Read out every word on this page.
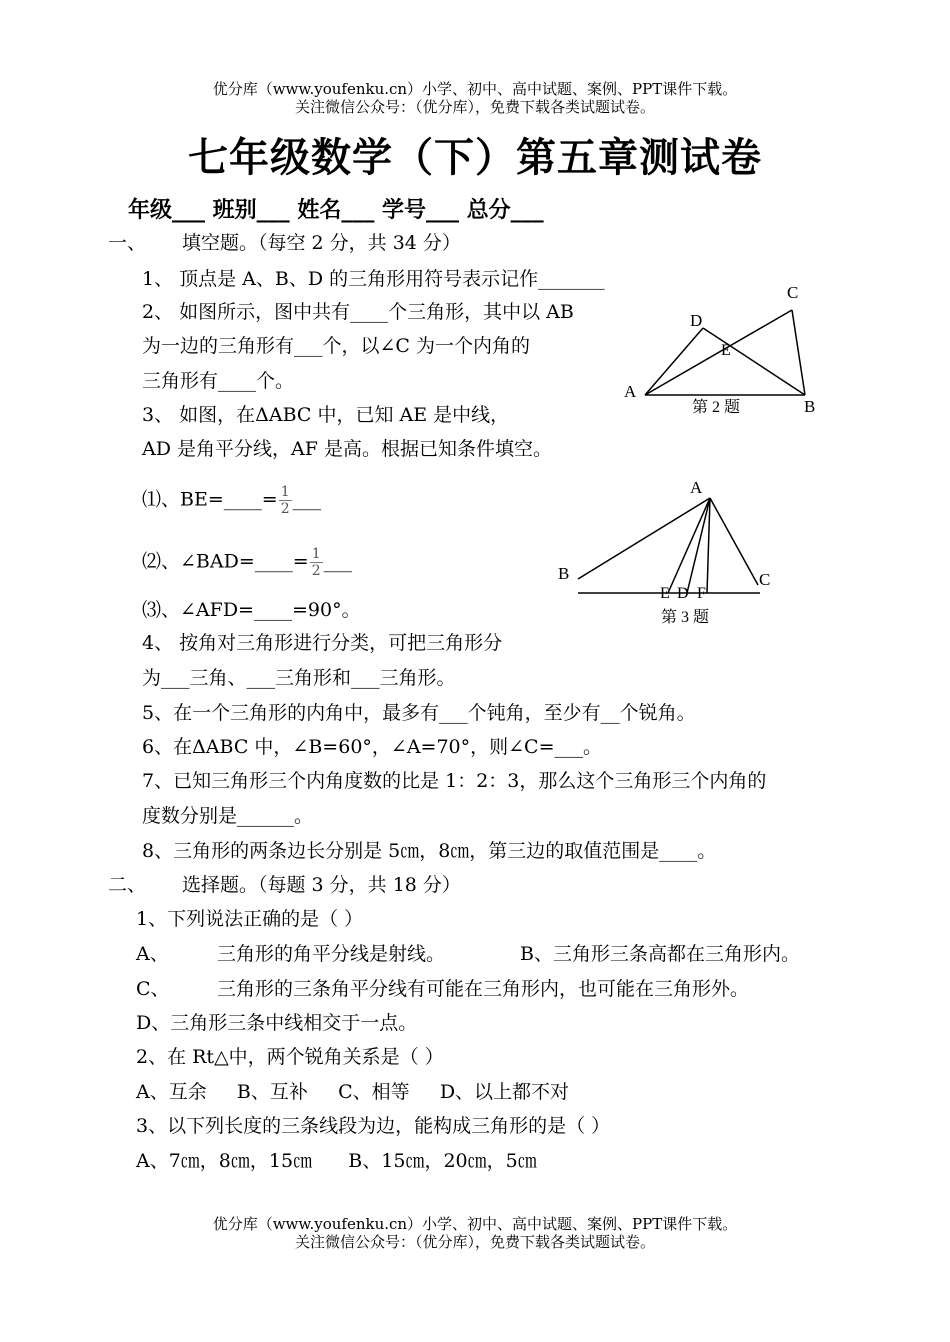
优分库（www.youfenku.cn）小学、初中、高中试题、案例、PPT课件下载。
关注微信公众号：（优分库），免费下载各类试题试卷。
七年级数学（下）第五章测试卷
年级___ 班别___ 姓名___ 学号___ 总分___
一、 填空题。（每空 2 分，共 34 分）
1、 顶点是 A、B、D 的三角形用符号表示记作_______
2、 如图所示，图中共有____个三角形，其中以 AB
为一边的三角形有___个，以∠C 为一个内角的
三角形有____个。
3、 如图，在ΔABC 中，已知 AE 是中线，
AD 是角平分线，AF 是高。根据已知条件填空。
⑴、BE=____= $\frac{1}{2}$ ___
⑵、∠BAD=____= $\frac{1}{2}$ ___
⑶、∠AFD=____=90°。
4、 按角对三角形进行分类，可把三角形分
为___三角、___三角形和___三角形。
5、在一个三角形的内角中，最多有___个钝角，至少有__个锐角。
6、在ΔABC 中，∠B=60°，∠A=70°，则∠C=___。
7、已知三角形三个内角度数的比是 1：2：3，那么这个三角形三个内角的
度数分别是______。
8、三角形的两条边长分别是 5㎝，8㎝，第三边的取值范围是____。
二、 选择题。（每题 3 分，共 18 分）
1、下列说法正确的是（ ）
A、	三角形的角平分线是射线。	B、三角形三条高都在三角形内。
C、 三角形的三条角平分线有可能在三角形内，也可能在三角形外。
D、三角形三条中线相交于一点。
2、在 Rt△中，两个锐角关系是（ ）
A、互余     B、互补     C、相等     D、以上都不对
3、以下列长度的三条线段为边，能构成三角形的是（ ）
A、7㎝，8㎝，15㎝      B、15㎝，20㎝，5㎝
优分库（www.youfenku.cn）小学、初中、高中试题、案例、PPT课件下载。
关注微信公众号：（优分库），免费下载各类试题试卷。
A
B
C
D
E
第 2 题
A
B	C
E D F
第 3 题
